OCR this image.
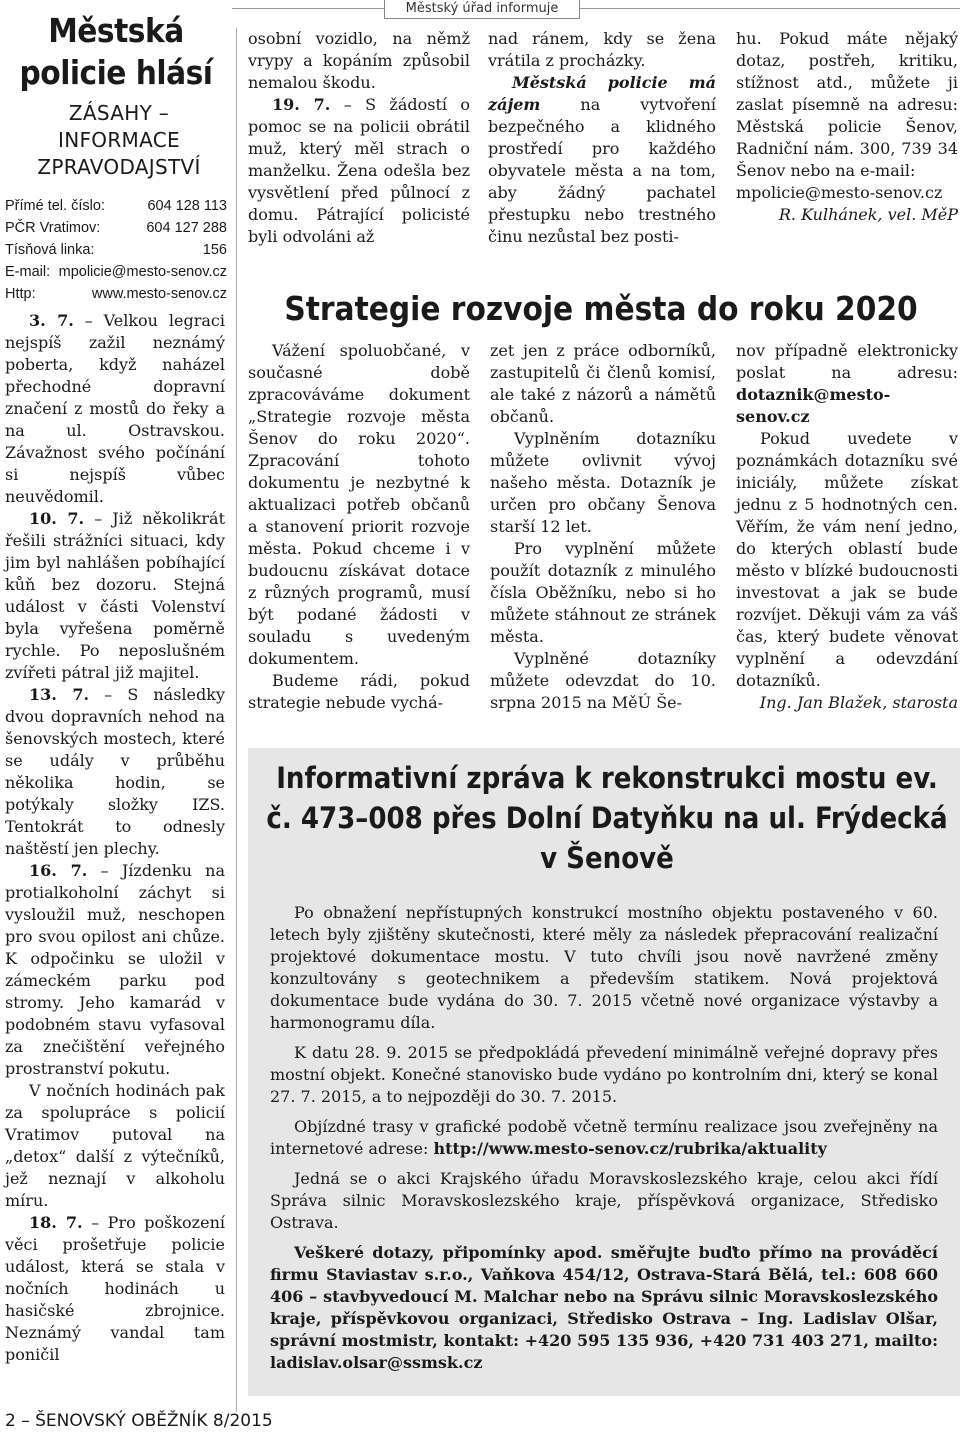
Městský úřad informuje
Městská policie hlásí
ZÁSAHY – INFORMACE ZPRAVODAJSTVÍ
Přímé tel. číslo:	604 128 113
PČR Vratimov:	604 127 288
Tísňová linka:	156
E-mail: mpolicie@mesto-senov.cz
Http:	www.mesto-senov.cz

3. 7. – Velkou legraci nejspíš zažil neznámý poberta, když naházel přechodné dopravní značení z mostů do řeky a na ul. Ostravskou. Závažnost svého počínání si nejspíš vůbec neuvědomil.

10. 7. – Již několikrát řešili strážníci situaci, kdy jim byl nahlášen pobíhající kůň bez dozoru. Stejná událost v části Volenství byla vyřešena poměrně rychle. Po neposlušném zvířeti pátral již majitel.

13. 7. – S následky dvou dopravních nehod na šenovských mostech, které se udály v průběhu několika hodin, se potýkaly složky IZS. Tentokrát to odnesly naštěstí jen plechy.

16. 7. – Jízdenku na protialkoholní záchyt si vysloužil muž, neschopen pro svou opilost ani chůze. K odpočinku se uložil v zámeckém parku pod stromy. Jeho kamarád v podobném stavu vyfasoval za znečištění veřejného prostranství pokutu.

V nočních hodinách pak za spolupráce s policií Vratimov putoval na „detox“ další z výtečníků, jež neznají v alkoholu míru.

18. 7. – Pro poškození věci prošetřuje policie událost, která se stala v nočních hodinách u hasičské zbrojnice. Neznámý vandal tam poničil

osobní vozidlo, na němž vrypy a kopáním způsobil nemalou škodu.

19. 7. – S žádostí o pomoc se na policii obrátil muž, který měl strach o manželku. Žena odešla bez vysvětlení před půlnocí z domu. Pátrající policisté byli odvoláni až

nad ránem, kdy se žena vrátila z procházky.

Městská policie má zájem na vytvoření bezpečného a klidného prostředí pro každého obyvatele města a na tom, aby žádný pachatel přestupku nebo trestného činu nezůstal bez posti-

hu. Pokud máte nějaký dotaz, postřeh, kritiku, stížnost atd., můžete ji zaslat písemně na adresu: Městská policie Šenov, Radniční nám. 300, 739 34 Šenov nebo na e-mail:

mpolicie@mesto-senov.cz

R. Kulhánek, vel. MěP

Strategie rozvoje města do roku 2020

Vážení spoluobčané, v současné době zpracováváme dokument „Strategie rozvoje města Šenov do roku 2020“. Zpracování tohoto dokumentu je nezbytné k aktualizaci potřeb občanů a stanovení priorit rozvoje města. Pokud chceme i v budoucnu získávat dotace z různých programů, musí být podané žádosti v souladu s uvedeným dokumentem.

Budeme rádi, pokud strategie nebude vychá-

zet jen z práce odborníků, zastupitelů či členů komisí, ale také z názorů a námětů občanů.

Vyplněním dotazníku můžete ovlivnit vývoj našeho města. Dotazník je určen pro občany Šenova starší 12 let.

Pro vyplnění můžete použít dotazník z minulého čísla Oběžníku, nebo si ho můžete stáhnout ze stránek města.

Vyplněné dotazníky můžete odevzdat do 10. srpna 2015 na MěÚ Še-

nov případně elektronicky poslat na adresu: dotaznik@mesto-senov.cz

Pokud uvedete v poznámkách dotazníku své iniciály, můžete získat jednu z 5 hodnotných cen. Věřím, že vám není jedno, do kterých oblastí bude město v blízké budoucnosti investovat a jak se bude rozvíjet. Děkuji vám za váš čas, který budete věnovat vyplnění a odevzdání dotazníků.

Ing. Jan Blažek, starosta

Informativní zpráva k rekonstrukci mostu ev. č. 473–008 přes Dolní Datyňku na ul. Frýdecká v Šenově

Po obnažení nepřístupných konstrukcí mostního objektu postaveného v 60. letech byly zjištěny skutečnosti, které měly za následek přepracování realizační projektové dokumentace mostu. V tuto chvíli jsou nově navržené změny konzultovány s geotechnikem a především statikem. Nová projektová dokumentace bude vydána do 30. 7. 2015 včetně nové organizace výstavby a harmonogramu díla.

K datu 28. 9. 2015 se předpokládá převedení minimálně veřejné dopravy přes mostní objekt. Konečné stanovisko bude vydáno po kontrolním dni, který se konal 27. 7. 2015, a to nejpozději do 30. 7. 2015.

Objízdné trasy v grafické podobě včetně termínu realizace jsou zveřejněny na internetové adrese: http://www.mesto-senov.cz/rubrika/aktuality

Jedná se o akci Krajského úřadu Moravskoslezského kraje, celou akci řídí Správa silnic Moravskoslezského kraje, příspěvková organizace, Středisko Ostrava.

Veškeré dotazy, připomínky apod. směřujte buďto přímo na prováděcí firmu Staviastav s.r.o., Vaňkova 454/12, Ostrava-Stará Bělá, tel.: 608 660 406 – stavbyvedoucí M. Malchar nebo na Správu silnic Moravskoslezského kraje, příspěvkovou organizaci, Středisko Ostrava – Ing. Ladislav Olšar, správní mostmistr, kontakt: +420 595 135 936, +420 731 403 271, mailto: ladislav.olsar@ssmsk.cz

2 – ŠENOVSKÝ OBĚŽNÍK 8/2015
